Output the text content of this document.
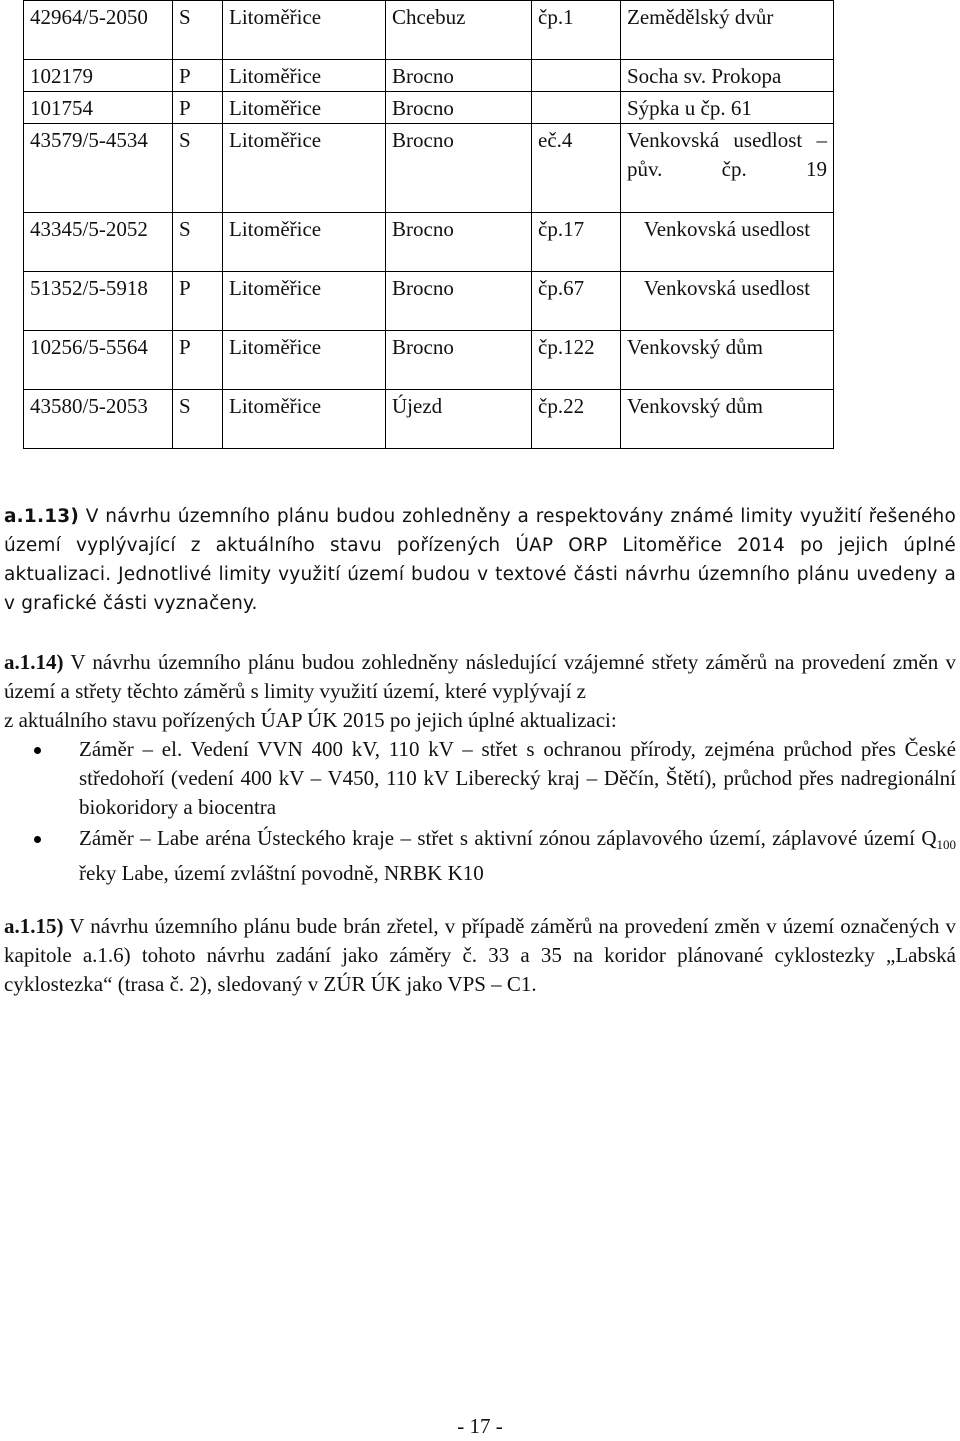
42964/5-2050	S	Litoměřice	Chcebuz	čp.1	Zemědělský dvůr

102179	P	Litoměřice	Brocno		Socha sv. Prokopa

101754	P	Litoměřice	Brocno		Sýpka u čp. 61

43579/5-4534	S	Litoměřice	Brocno	eč.4	Venkovská usedlost – pův. čp. 19

43345/5-2052	S	Litoměřice	Brocno	čp.17	Venkovská usedlost

51352/5-5918	P	Litoměřice	Brocno	čp.67	Venkovská usedlost

10256/5-5564	P	Litoměřice	Brocno	čp.122	Venkovský dům

43580/5-2053	S	Litoměřice	Újezd	čp.22	Venkovský dům

a.1.13) V návrhu územního plánu budou zohledněny a respektovány známé limity využití řešeného území vyplývající z aktuálního stavu pořízených ÚAP ORP Litoměřice 2014 po jejich úplné aktualizaci. Jednotlivé limity využití území budou v textové části návrhu územního plánu uvedeny a v grafické části vyznačeny.

a.1.14) V návrhu územního plánu budou zohledněny následující vzájemné střety záměrů na provedení změn v území a střety těchto záměrů s limity využití území, které vyplývají z

z aktuálního stavu pořízených ÚAP ÚK 2015 po jejich úplné aktualizaci:

Záměr – el. Vedení VVN 400 kV, 110 kV – střet s ochranou přírody, zejména průchod přes České středohoří (vedení 400 kV – V450, 110 kV Liberecký kraj – Děčín, Štětí), průchod přes nadregionální biokoridory a biocentra
Záměr – Labe aréna Ústeckého kraje – střet s aktivní zónou záplavového území, záplavové území $Q_{100}$ řeky Labe, území zvláštní povodně, NRBK K10

a.1.15) V návrhu územního plánu bude brán zřetel, v případě záměrů na provedení změn v území označených v kapitole a.1.6) tohoto návrhu zadání jako záměry č. 33 a 35 na koridor plánované cyklostezky „Labská cyklostezka“ (trasa č. 2), sledovaný v ZÚR ÚK jako VPS – C1.

- 17 -
